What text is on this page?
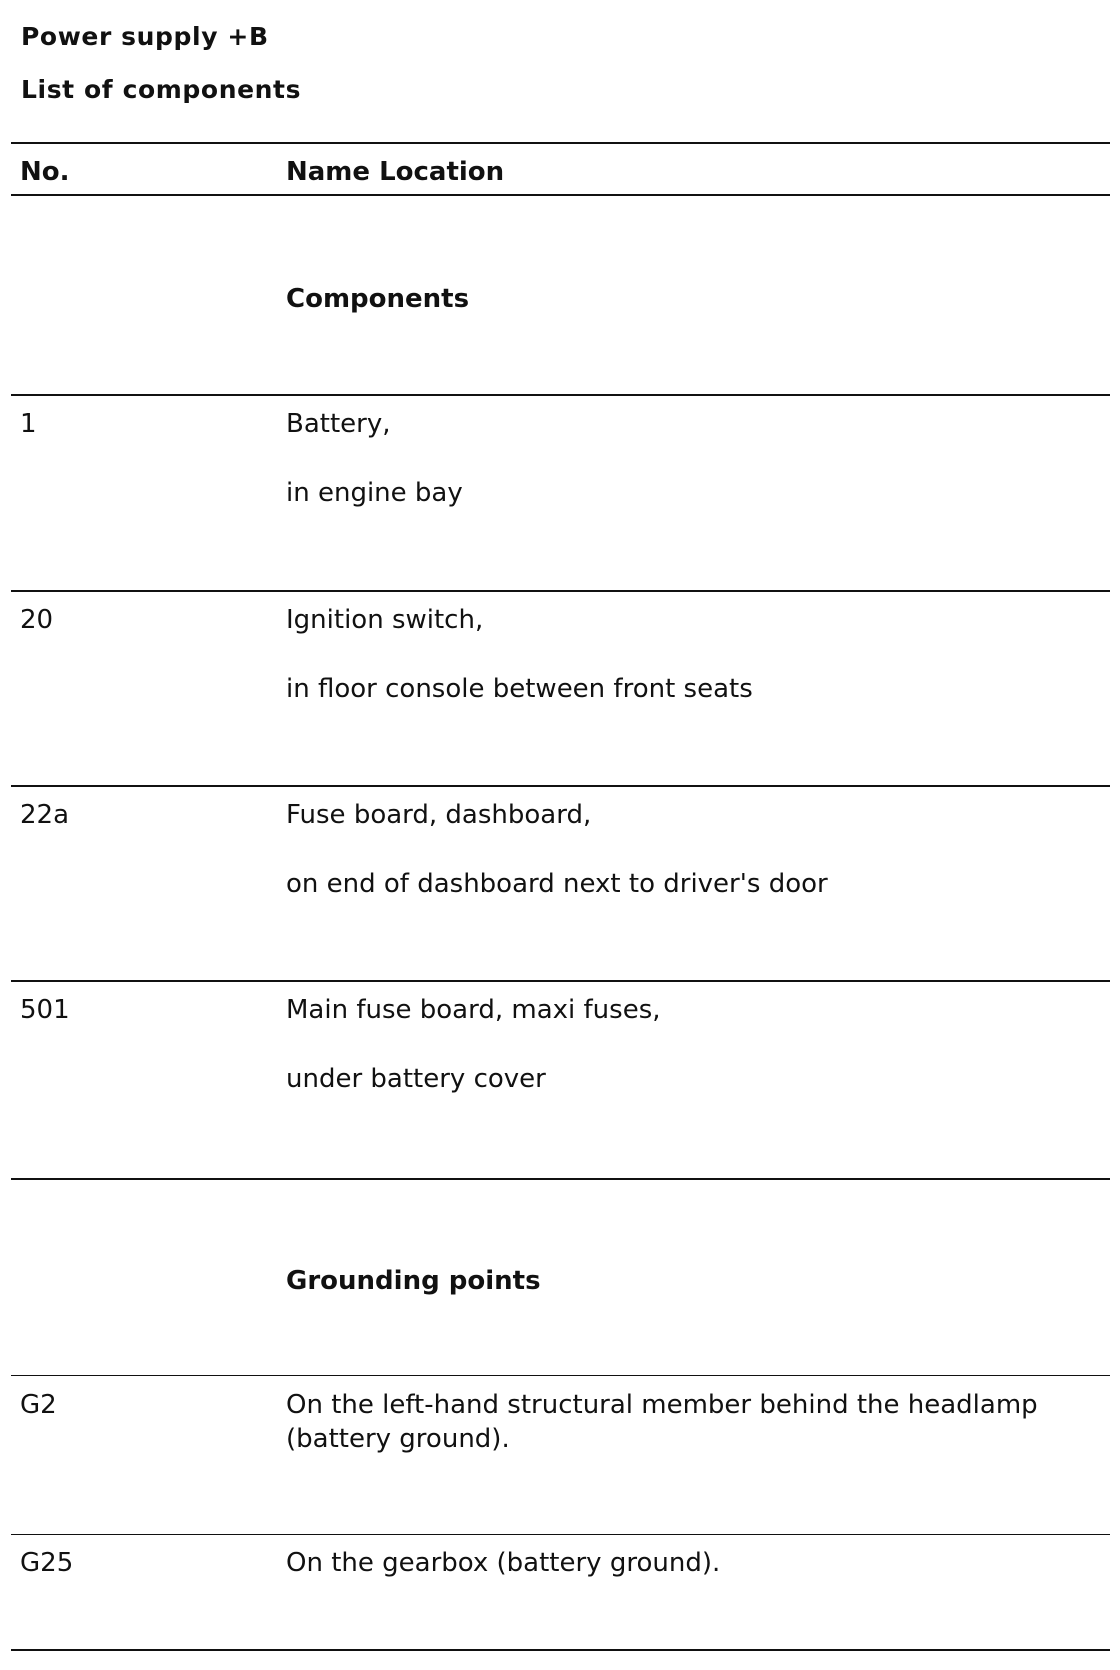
Power supply +B
List of components
No.	Name Location
Components
1	Battery,
in engine bay
20	Ignition switch,
in floor console between front seats
22a	Fuse board, dashboard,
on end of dashboard next to driver's door
501	Main fuse board, maxi fuses,
under battery cover
Grounding points
G2	On the left-hand structural member behind the headlamp (battery ground).
G25	On the gearbox (battery ground).
